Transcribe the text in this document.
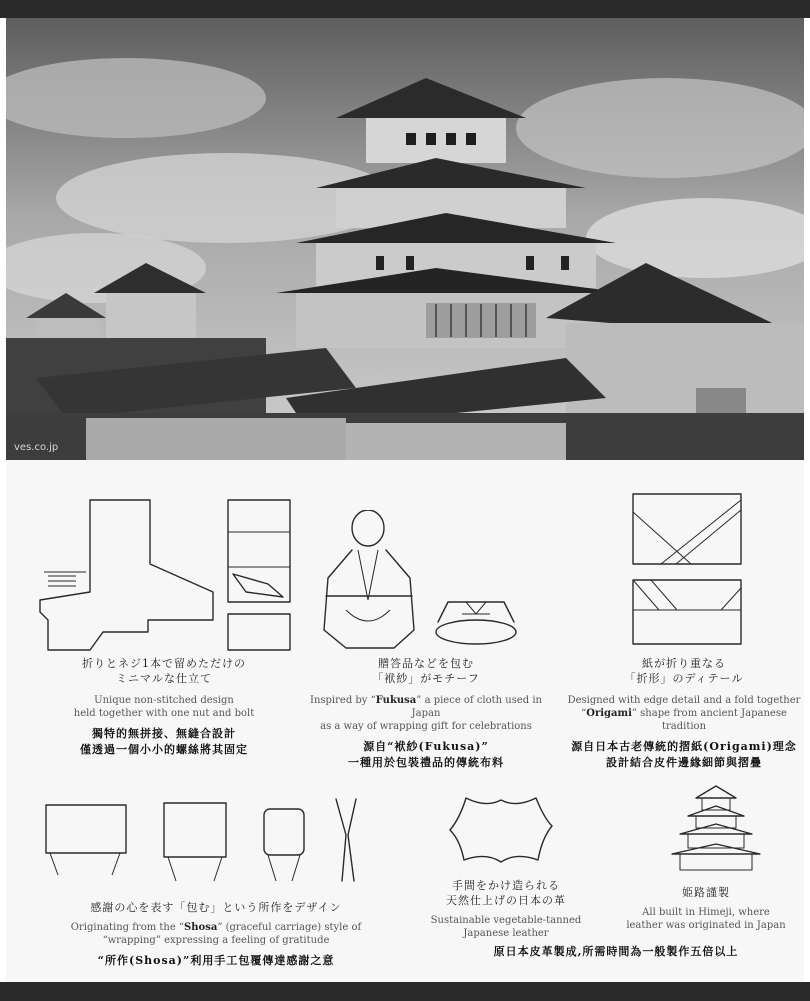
ves.co.jp
折りとネジ1本で留めただけの
ミニマルな仕立て
Unique non-stitched design
held together with one nut and bolt
獨特的無拼接、無縫合設計
僅透過一個小小的螺絲將其固定
贈答品などを包む
「袱紗」がモチーフ
Inspired by “Fukusa” a piece of cloth used in Japan
as a way of wrapping gift for celebrations
源自“袱紗(Fukusa)”
一種用於包裝禮品的傳統布料
紙が折り重なる
「折形」のディテール
Designed with edge detail and a fold together
“Origami” shape from ancient Japanese tradition
源自日本古老傳統的摺紙(Origami)理念
設計結合皮件邊緣細節與摺疊
感謝の心を表す「包む」という所作をデザイン
Originating from the “Shosa” (graceful carriage) style of
“wrapping” expressing a feeling of gratitude
“所作(Shosa)”利用手工包覆傳達感謝之意
手間をかけ造られる
天然仕上げの日本の革
Sustainable vegetable-tanned
Japanese leather
原日本皮革製成,所需時間為一般製作五倍以上
姫路謹製
All built in Himeji, where
leather was originated in Japan
